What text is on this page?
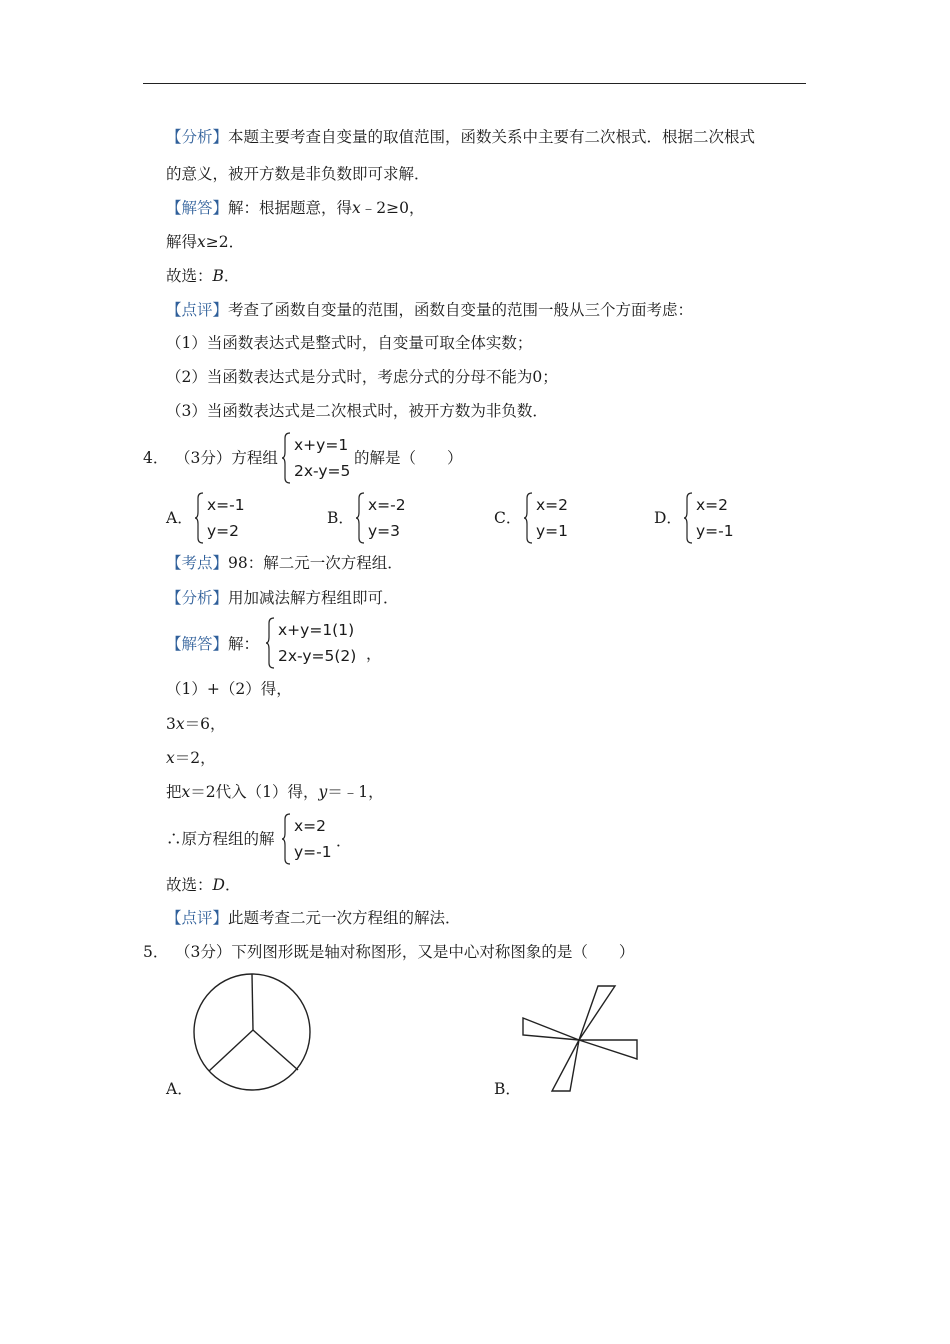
【分析】本题主要考查自变量的取值范围，函数关系中主要有二次根式．根据二次根式
的意义，被开方数是非负数即可求解．
【解答】解：根据题意，得x﹣2≥0，
解得x≥2．
故选：B．
【点评】考查了函数自变量的范围，函数自变量的范围一般从三个方面考虑：
（1）当函数表达式是整式时，自变量可取全体实数；
（2）当函数表达式是分式时，考虑分式的分母不能为0；
（3）当函数表达式是二次根式时，被开方数为非负数．
4． （3分）方程组
x+y=1
2x-y=5
的解是（　　）
A．
x=-1
y=2
B．
x=-2
y=3
C．
x=2
y=1
D．
x=2
y=-1
【考点】98：解二元一次方程组．
【分析】用加减法解方程组即可．
【解答】解：
x+y=1(1)
2x-y=5(2) ，
（1）+（2）得，
3x＝6，
x＝2，
把x＝2代入（1）得，y＝﹣1，
∴原方程组的解
x=2
y=-1
．
故选：D．
【点评】此题考查二元一次方程组的解法．
5． （3分）下列图形既是轴对称图形，又是中心对称图象的是（　　）
A．	B．
